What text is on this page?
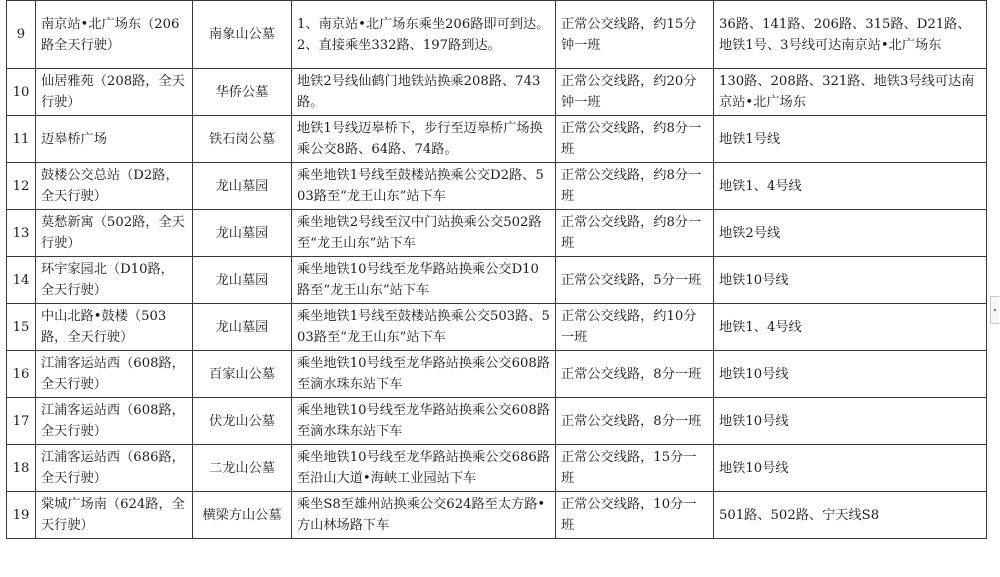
9	南京站•北广场东（206路全天行驶）	南象山公墓	1、南京站•北广场东乘坐206路即可到达。2、直接乘坐332路、197路到达。	正常公交线路，约15分钟一班	36路、141路、206路、315路、D21路、地铁1号、3号线可达南京站•北广场东
10	仙居雅苑（208路，全天行驶）	华侨公墓	地铁2号线仙鹤门地铁站换乘208路、743路。	正常公交线路，约20分钟一班	130路、208路、321路、地铁3号线可达南京站•北广场东
11	迈皋桥广场	铁石岗公墓	地铁1号线迈皋桥下，步行至迈皋桥广场换乘公交8路、64路、74路。	正常公交线路，约8分一班	地铁1号线
12	鼓楼公交总站（D2路，全天行驶）	龙山墓园	乘坐地铁1号线至鼓楼站换乘公交D2路、503路至“龙王山东”站下车	正常公交线路，约8分一班	地铁1、4号线
13	莫愁新寓（502路，全天行驶）	龙山墓园	乘坐地铁2号线至汉中门站换乘公交502路至“龙王山东”站下车	正常公交线路，约8分一班	地铁2号线
14	环宇家园北（D10路，全天行驶）	龙山墓园	乘坐地铁10号线至龙华路站换乘公交D10路至“龙王山东”站下车	正常公交线路，5分一班	地铁10号线
15	中山北路•鼓楼（503路，全天行驶）	龙山墓园	乘坐地铁1号线至鼓楼站换乘公交503路、503路至“龙王山东”站下车	正常公交线路，约10分一班	地铁1、4号线
16	江浦客运站西（608路，全天行驶）	百家山公墓	乘坐地铁10号线至龙华路站换乘公交608路至滴水珠东站下车	正常公交线路，8分一班	地铁10号线
17	江浦客运站西（608路，全天行驶）	伏龙山公墓	乘坐地铁10号线至龙华路站换乘公交608路至滴水珠东站下车	正常公交线路，8分一班	地铁10号线
18	江浦客运站西（686路，全天行驶）	二龙山公墓	乘坐地铁10号线至龙华路站换乘公交686路至沿山大道•海峡工业园站下车	正常公交线路，15分一班	地铁10号线
19	棠城广场南（624路，全天行驶）	横梁方山公墓	乘坐S8至雄州站换乘公交624路至太方路•方山林场路下车	正常公交线路，10分一班	501路、502路、宁天线S8
